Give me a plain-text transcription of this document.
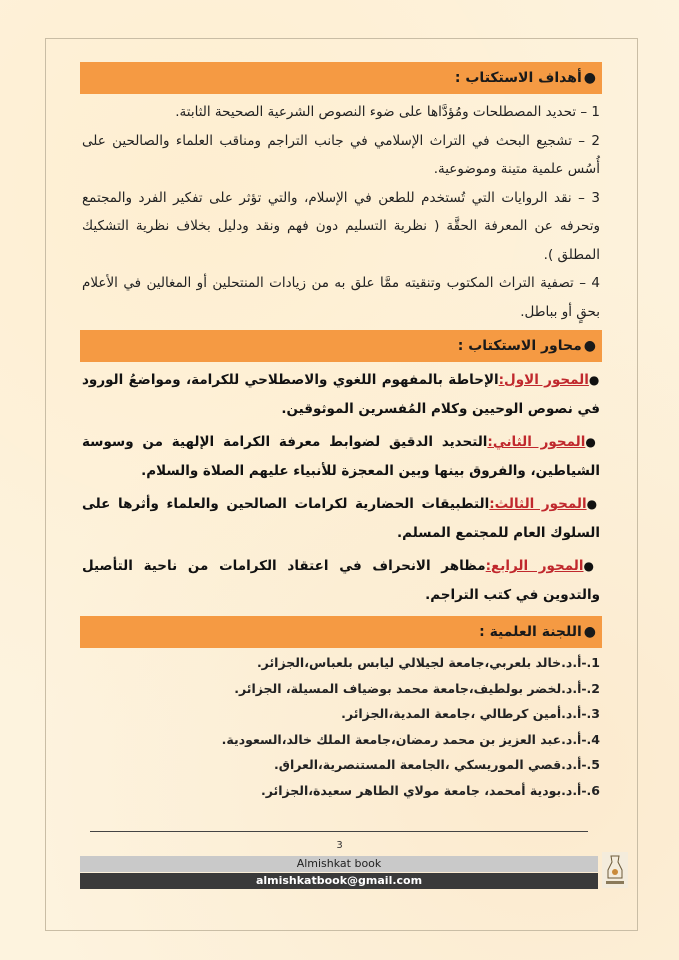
●أهداف الاستكتاب :

1 – تحديد المصطلحات ومُؤدَّاها على ضوء النصوص الشرعية الصحيحة الثابتة.

2 – تشجيع البحث في التراث الإسلامي في جانب التراجم ومناقب العلماء والصالحين على أُسُس علمية متينة وموضوعية.

3 – نقد الروايات التي تُستخدم للطعن في الإسلام، والتي تؤثر على تفكير الفرد والمجتمع وتحرفه عن المعرفة الحقَّة ( نظرية التسليم دون فهم ونقد ودليل بخلاف نظرية التشكيك المطلق ).

4 – تصفية التراث المكتوب وتنقيته ممَّا علق به من زيادات المنتحلين أو المغالين في الأعلام بحقٍ أو بباطل.

●محاور الاستكتاب :

●المحور الاول:الإحاطة بالمفهوم اللغوي والاصطلاحي للكرامة، ومواضعُ الورود في نصوص الوحيين وكلام المُفسرين الموثوقين.

●المحور الثاني:التحديد الدقيق لضوابط معرفة الكرامة الإلهية من وسوسة الشياطين، والفروق بينها وبين المعجزة للأنبياء عليهم الصلاة والسلام.

●المحور الثالث:التطبيقات الحضارية لكرامات الصالحين والعلماء وأثرها على السلوك العام للمجتمع المسلم.

●المحور الرابع:مظاهر الانحراف في اعتقاد الكرامات من ناحية التأصيل والتدوين في كتب التراجم.

●اللجنة العلمية :

1.-أ.د.خالد بلعربي،جامعة لجيلالي ليابس بلعباس،الجزائر.

2.-أ.د.لخضر بولطيف،جامعة محمد بوضياف المسيلة، الجزائر.

3.-أ.د.أمين كرطالي ،جامعة المدية،الجزائر.

4.-أ.د.عبد العزيز بن محمد رمضان،جامعة الملك خالد،السعودية.

5.-أ.د.قصي الموريسكي ،الجامعة المستنصرية،العراق.

6.-أ.د.بودية أمحمد، جامعة مولاي الطاهر سعيدة،الجزائر.

3
Almishkat book
almishkatbook@gmail.com
